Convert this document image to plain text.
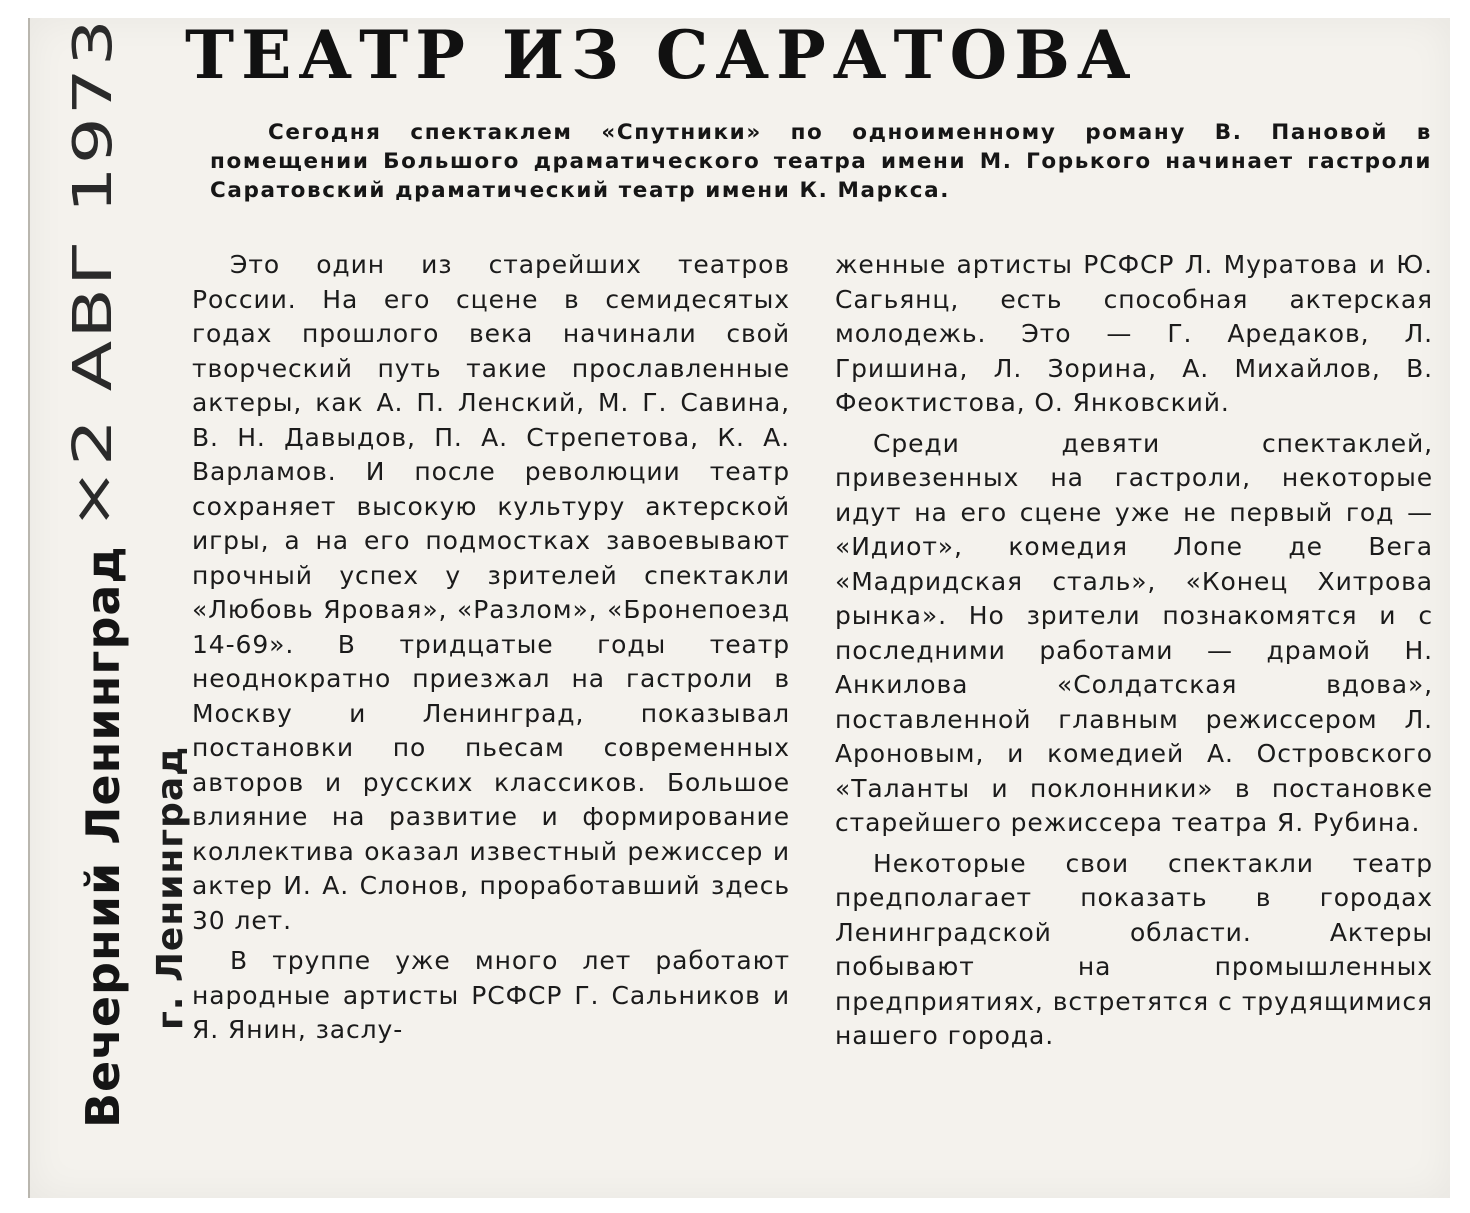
×2 АВГ 1973
Вечерний Ленинград г. Ленинград
ТЕАТР ИЗ САРАТОВА
Сегодня спектаклем «Спутники» по одноименному роману В. Пановой в помещении Большого драматического театра имени М. Горького начинает гастроли Саратовский драматический театр имени К. Маркса.

Это один из старейших театров России. На его сцене в семидесятых годах прошлого века начинали свой творческий путь такие прославленные актеры, как А. П. Ленский, М. Г. Савина, В. Н. Давыдов, П. А. Стрепетова, К. А. Варламов. И после революции театр сохраняет высокую культуру актерской игры, а на его подмостках завоевывают прочный успех у зрителей спектакли «Любовь Яровая», «Разлом», «Бронепоезд 14-69». В тридцатые годы театр неоднократно приезжал на гастроли в Москву и Ленинград, показывал постановки по пьесам современных авторов и русских классиков. Большое влияние на развитие и формирование коллектива оказал известный режиссер и актер И. А. Слонов, проработавший здесь 30 лет.

В труппе уже много лет работают народные артисты РСФСР Г. Сальников и Я. Янин, заслу-

женные артисты РСФСР Л. Муратова и Ю. Сагьянц, есть способная актерская молодежь. Это — Г. Аредаков, Л. Гришина, Л. Зорина, А. Михайлов, В. Феоктистова, О. Янковский.

Среди девяти спектаклей, привезенных на гастроли, некоторые идут на его сцене уже не первый год — «Идиот», комедия Лопе де Вега «Мадридская сталь», «Конец Хитрова рынка». Но зрители познакомятся и с последними работами — драмой Н. Анкилова «Солдатская вдова», поставленной главным режиссером Л. Ароновым, и комедией А. Островского «Таланты и поклонники» в постановке старейшего режиссера театра Я. Рубина.

Некоторые свои спектакли театр предполагает показать в городах Ленинградской области. Актеры побывают на промышленных предприятиях, встретятся с трудящимися нашего города.
